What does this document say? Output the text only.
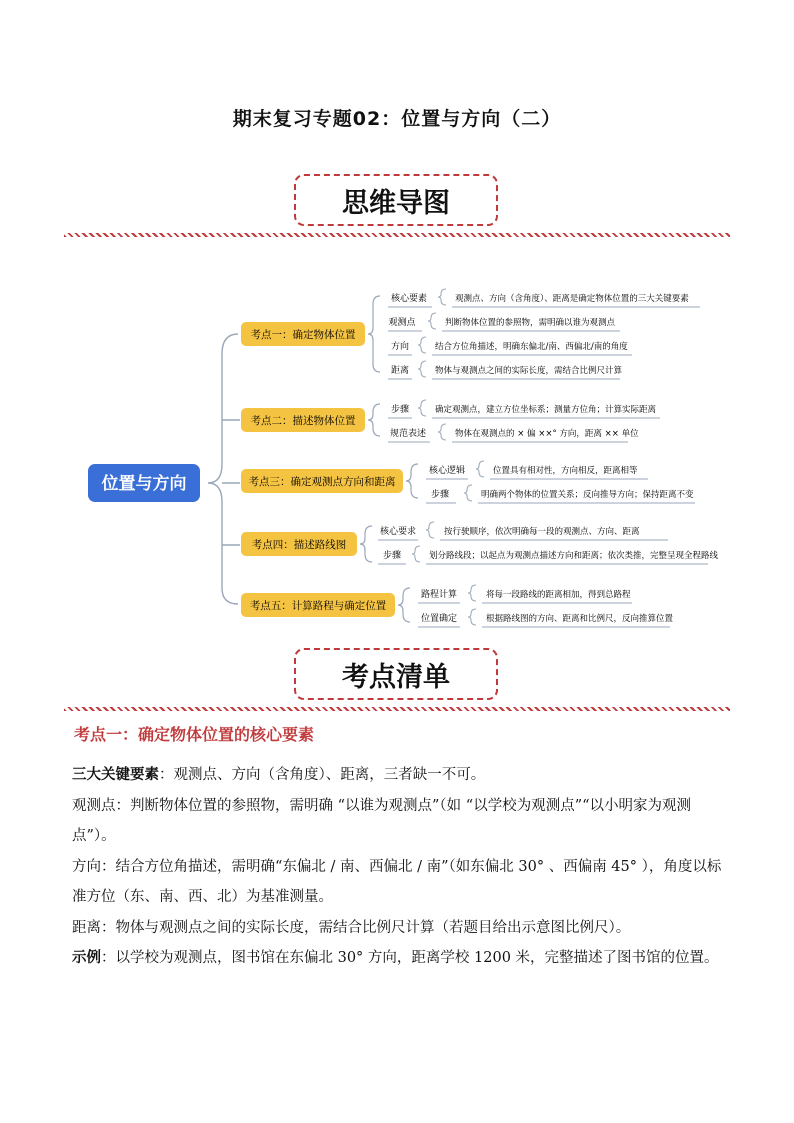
期末复习专题02：位置与方向（二）
思维导图
位置与方向
考点一：确定物体位置
核心要素	观测点、方向（含角度）、距离是确定物体位置的三大关键要素
观测点	判断物体位置的参照物，需明确以谁为观测点
方向	结合方位角描述，明确东偏北/南、西偏北/南的角度
距离	物体与观测点之间的实际长度，需结合比例尺计算
考点二：描述物体位置
步骤	确定观测点，建立方位坐标系；测量方位角；计算实际距离
规范表述	物体在观测点的 × 偏 ××° 方向，距离 ×× 单位
考点三：确定观测点方向和距离
核心逻辑	位置具有相对性，方向相反，距离相等
步骤	明确两个物体的位置关系；反向推导方向；保持距离不变
考点四：描述路线图
核心要求	按行驶顺序，依次明确每一段的观测点、方向、距离
步骤	划分路线段；以起点为观测点描述方向和距离；依次类推，完整呈现全程路线
考点五：计算路程与确定位置
路程计算	将每一段路线的距离相加，得到总路程
位置确定	根据路线图的方向、距离和比例尺，反向推算位置
考点清单
考点一：确定物体位置的核心要素

三大关键要素：观测点、方向（含角度）、距离，三者缺一不可。

观测点：判断物体位置的参照物，需明确 “以谁为观测点”（如 “以学校为观测点”“以小明家为观测点”）。

方向：结合方位角描述，需明确“东偏北 / 南、西偏北 / 南”（如东偏北 30° 、西偏南 45° ），角度以标准方位（东、南、西、北）为基准测量。

距离：物体与观测点之间的实际长度，需结合比例尺计算（若题目给出示意图比例尺）。

示例：以学校为观测点，图书馆在东偏北 30° 方向，距离学校 1200 米，完整描述了图书馆的位置。
